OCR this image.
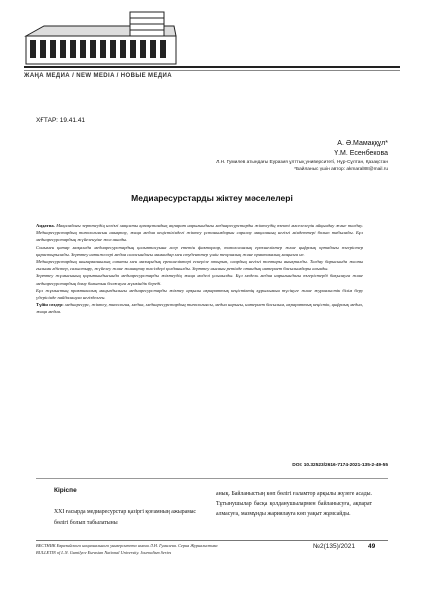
ЖАҢА МЕДИА / NEW MEDIA / НОВЫЕ МЕДИА
ХҒТАР: 19.41.41
А. Ә.Мамаққұл*
Ү.М. Есенбекова
Л.Н. Гумилев атындағы Еуразия ұлттық университеті, Нұр-Сұлтан, Қазақстан
*Байланыс үшін автор: akmaral88@mail.ru
Медиаресурстарды жіктеу мәселелері

Аңдатпа. Мақаладағы зерттеудің негізгі мақсаты қазақстандық ақпарат нарығындағы медиаресурстарды жіктеудің өзекті мәселелерін айқындау және талдау. Медиаресурстардың типологиясын анықтау, жаңа медиа кеңістігіндегі жіктеу ұстанымдарын саралау мақаланың негізгі міндеттері болып табылады. Бұл медиаресурстардың жүйеленуіне жол ашады.

Сонымен қатар мақалада медиаресурстардың қалыптасуына әсер ететін факторлар, типологиялық ерекшеліктер және цифрлық ортадағы өзгерістер қарастырылады. Зерттеу нәтижелері медиа саласындағы мамандар мен студенттер үшін теориялық және практикалық маңызға ие.

Медиаресурстардың шығармашылық сипаты мен мазмұндық ерекшеліктері ескеріле отырып, олардың негізгі топтары анықталды. Талдау барысында жалпы ғылыми әдістер, салыстыру, жүйелеу және жинақтау тәсілдері қолданылды. Зерттеу нысаны ретінде отандық интернет басылымдары алынды.

Зерттеу жұмысының қорытындысында медиаресурстарды жіктеудің жаңа моделі ұсынылды. Бұл модель медиа нарығындағы өзгерістерді бақылауға және медиаресурстардың даму бағытын болжауға мүмкіндік береді.

Бұл жұмыстың практикалық маңыздылығы медиаресурстарды жіктеу арқылы ақпараттық кеңістіктің құрылымын түсінуге және журналистік білім беру үдерісінде пайдалануға негізделген.

Түйін сөздер: медиаресурс, жіктеу, типология, медиа, медиаресурстардың типологиясы, медиа нарығы, интернет басылым, ақпараттық кеңістік, цифрлық медиа, жаңа медиа.

DOI: 10.32523/2616-7174-2021-135-2-49-55
Кіріспе
XXI ғасырда медиаресурстар қазіргі қоғамның ажырамас бөлігі болып табылатыны
анық. Байланыстың көп бөлігі ғаламтор арқылы жүзеге асады. Тұтынушылар басқа қолданушылармен байланысуға, ақпарат алмасуға, мазмұнды жариялауға көп уақыт жұмсайды.
ВЕСТНИК Евразийского национального университета имени Л.Н. Гумилева. Серия Журналистика
BULLETIN of L.N. Gumilyov Eurasian National University. Journalism Series
№2(135)/2021 49
